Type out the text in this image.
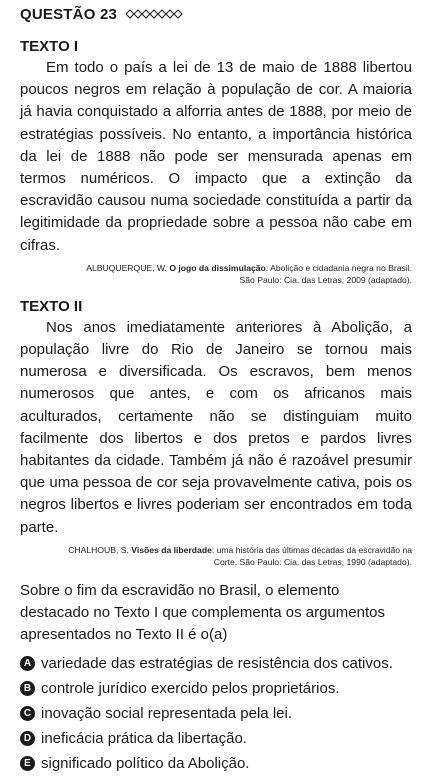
QUESTÃO 23
TEXTO I

Em todo o país a lei de 13 de maio de 1888 libertou poucos negros em relação à população de cor. A maioria já havia conquistado a alforria antes de 1888, por meio de estratégias possíveis. No entanto, a importância histórica da lei de 1888 não pode ser mensurada apenas em termos numéricos. O impacto que a extinção da escravidão causou numa sociedade constituída a partir da legitimidade da propriedade sobre a pessoa não cabe em cifras.

ALBUQUERQUE, W. O jogo da dissimulação: Abolição e cidadania negra no Brasil.
São Paulo: Cia. das Letras, 2009 (adaptado).
TEXTO II

Nos anos imediatamente anteriores à Abolição, a população livre do Rio de Janeiro se tornou mais numerosa e diversificada. Os escravos, bem menos numerosos que antes, e com os africanos mais aculturados, certamente não se distinguiam muito facilmente dos libertos e dos pretos e pardos livres habitantes da cidade. Também já não é razoável presumir que uma pessoa de cor seja provavelmente cativa, pois os negros libertos e livres poderiam ser encontrados em toda parte.

CHALHOUB, S. Visões da liberdade: uma história das últimas décadas da escravidão na
Corte. São Paulo: Cia. das Letras, 1990 (adaptado).
Sobre o fim da escravidão no Brasil, o elemento destacado no Texto I que complementa os argumentos apresentados no Texto II é o(a)
A variedade das estratégias de resistência dos cativos.
B controle jurídico exercido pelos proprietários.
C inovação social representada pela lei.
D ineficácia prática da libertação.
E significado político da Abolição.
